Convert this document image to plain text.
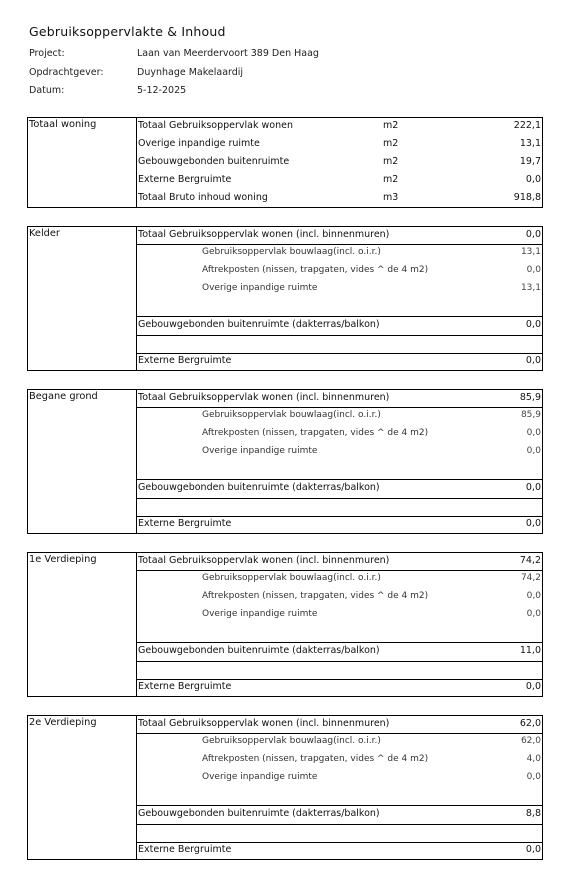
Gebruiksoppervlakte & Inhoud
Project:	Laan van Meerdervoort 389 Den Haag
Opdrachtgever:	Duynhage Makelaardij
Datum:	5-12-2025
Totaal woning	Totaal Gebruiksoppervlak wonen	m2	222,1
Overige inpandige ruimte	m2	13,1
Gebouwgebonden buitenruimte	m2	19,7
Externe Bergruimte	m2	0,0
Totaal Bruto inhoud woning	m3	918,8
Kelder	Totaal Gebruiksoppervlak wonen (incl. binnenmuren)	0,0
Gebruiksoppervlak bouwlaag(incl. o.i.r.)	13,1
Aftrekposten (nissen, trapgaten, vides ^ de 4 m2)	0,0
Overige inpandige ruimte	13,1
Gebouwgebonden buitenruimte (dakterras/balkon)	0,0
Externe Bergruimte	0,0
Begane grond	Totaal Gebruiksoppervlak wonen (incl. binnenmuren)	85,9
Gebruiksoppervlak bouwlaag(incl. o.i.r.)	85,9
Aftrekposten (nissen, trapgaten, vides ^ de 4 m2)	0,0
Overige inpandige ruimte	0,0
Gebouwgebonden buitenruimte (dakterras/balkon)	0,0
Externe Bergruimte	0,0
1e Verdieping	Totaal Gebruiksoppervlak wonen (incl. binnenmuren)	74,2
Gebruiksoppervlak bouwlaag(incl. o.i.r.)	74,2
Aftrekposten (nissen, trapgaten, vides ^ de 4 m2)	0,0
Overige inpandige ruimte	0,0
Gebouwgebonden buitenruimte (dakterras/balkon)	11,0
Externe Bergruimte	0,0
2e Verdieping	Totaal Gebruiksoppervlak wonen (incl. binnenmuren)	62,0
Gebruiksoppervlak bouwlaag(incl. o.i.r.)	62,0
Aftrekposten (nissen, trapgaten, vides ^ de 4 m2)	4,0
Overige inpandige ruimte	0,0
Gebouwgebonden buitenruimte (dakterras/balkon)	8,8
Externe Bergruimte	0,0
